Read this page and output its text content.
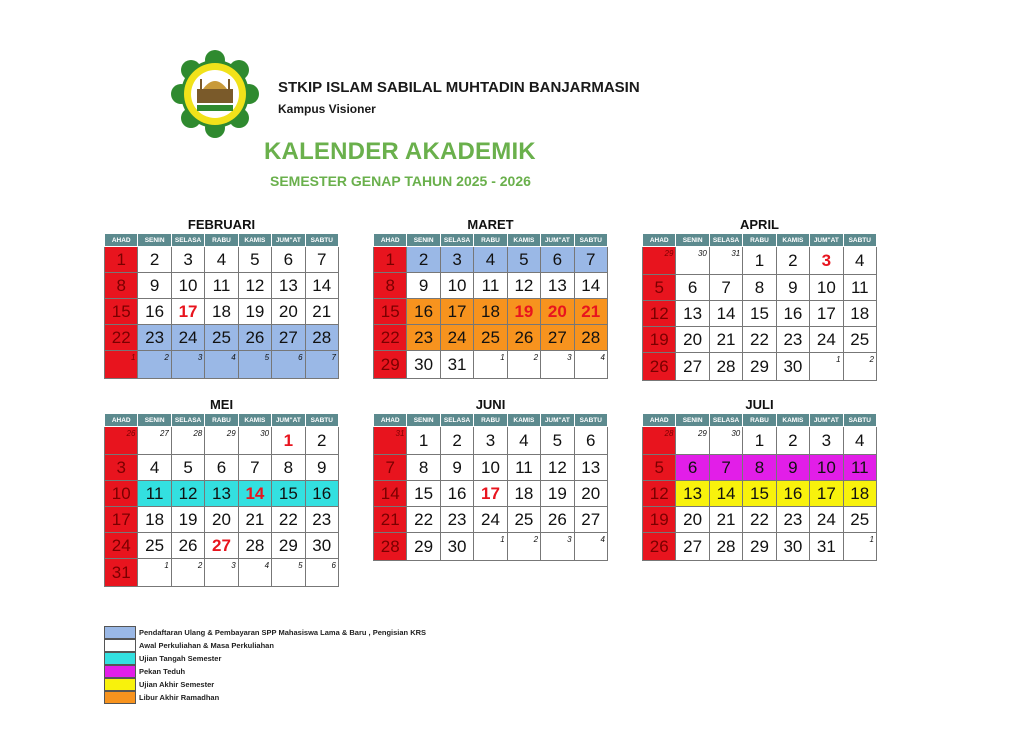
STKIP ISLAM SABILAL MUHTADIN BANJARMASIN
Kampus Visioner
KALENDER AKADEMIK
SEMESTER GENAP TAHUN 2025 - 2026
FEBRUARI
AHAD	SENIN	SELASA	RABU	KAMIS	JUM"AT	SABTU
1	2	3	4	5	6	7
8	9	10	11	12	13	14
15	16	17	18	19	20	21
22	23	24	25	26	27	28
1	2	3	4	5	6	7
MARET
AHAD	SENIN	SELASA	RABU	KAMIS	JUM"AT	SABTU
1	2	3	4	5	6	7
8	9	10	11	12	13	14
15	16	17	18	19	20	21
22	23	24	25	26	27	28
29	30	31	1	2	3	4
APRIL
AHAD	SENIN	SELASA	RABU	KAMIS	JUM"AT	SABTU
29	30	31	1	2	3	4
5	6	7	8	9	10	11
12	13	14	15	16	17	18
19	20	21	22	23	24	25
26	27	28	29	30	1	2
MEI
AHAD	SENIN	SELASA	RABU	KAMIS	JUM"AT	SABTU
26	27	28	29	30	1	2
3	4	5	6	7	8	9
10	11	12	13	14	15	16
17	18	19	20	21	22	23
24	25	26	27	28	29	30
31	1	2	3	4	5	6
JUNI
AHAD	SENIN	SELASA	RABU	KAMIS	JUM"AT	SABTU
31	1	2	3	4	5	6
7	8	9	10	11	12	13
14	15	16	17	18	19	20
21	22	23	24	25	26	27
28	29	30	1	2	3	4
JULI
AHAD	SENIN	SELASA	RABU	KAMIS	JUM"AT	SABTU
28	29	30	1	2	3	4
5	6	7	8	9	10	11
12	13	14	15	16	17	18
19	20	21	22	23	24	25
26	27	28	29	30	31	1
Pendaftaran Ulang & Pembayaran SPP Mahasiswa Lama & Baru , Pengisian KRS
Awal Perkuliahan & Masa Perkuliahan
Ujian Tangah Semester
Pekan Teduh
Ujian Akhir Semester
Libur Akhir Ramadhan
